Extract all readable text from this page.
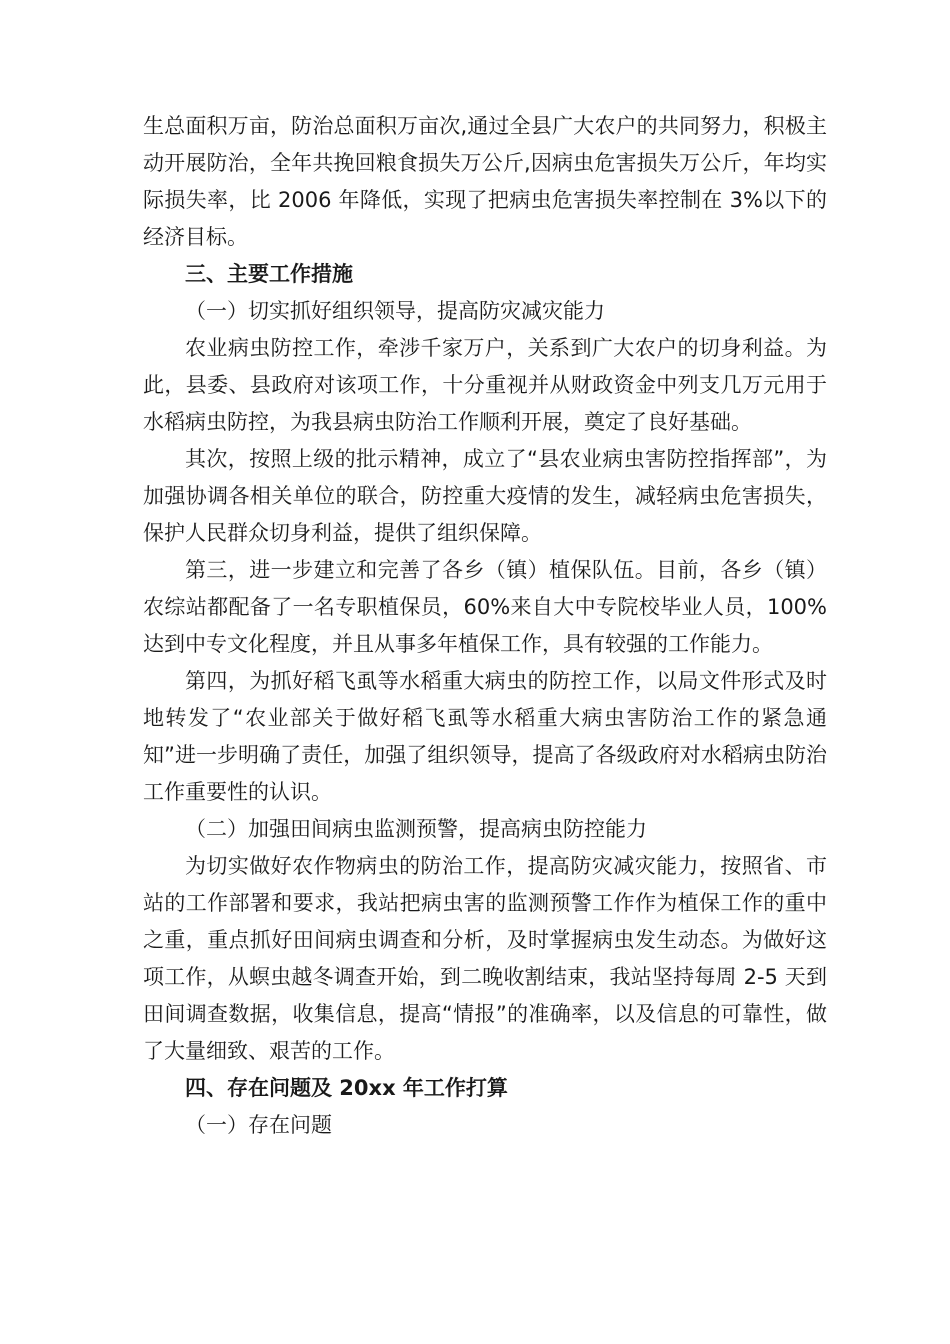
生总面积万亩，防治总面积万亩次,通过全县广大农户的共同努力，积极主动开展防治，全年共挽回粮食损失万公斤,因病虫危害损失万公斤，年均实际损失率，比 2006 年降低，实现了把病虫危害损失率控制在 3%以下的经济目标。

三、主要工作措施

（一）切实抓好组织领导，提高防灾减灾能力

农业病虫防控工作，牵涉千家万户，关系到广大农户的切身利益。为此，县委、县政府对该项工作，十分重视并从财政资金中列支几万元用于水稻病虫防控，为我县病虫防治工作顺利开展，奠定了良好基础。

其次，按照上级的批示精神，成立了“县农业病虫害防控指挥部”，为加强协调各相关单位的联合，防控重大疫情的发生，减轻病虫危害损失，保护人民群众切身利益，提供了组织保障。

第三，进一步建立和完善了各乡（镇）植保队伍。目前，各乡（镇）农综站都配备了一名专职植保员，60%来自大中专院校毕业人员，100%达到中专文化程度，并且从事多年植保工作，具有较强的工作能力。

第四，为抓好稻飞虱等水稻重大病虫的防控工作，以局文件形式及时地转发了“农业部关于做好稻飞虱等水稻重大病虫害防治工作的紧急通知”进一步明确了责任，加强了组织领导，提高了各级政府对水稻病虫防治工作重要性的认识。

（二）加强田间病虫监测预警，提高病虫防控能力

为切实做好农作物病虫的防治工作，提高防灾减灾能力，按照省、市站的工作部署和要求，我站把病虫害的监测预警工作作为植保工作的重中之重，重点抓好田间病虫调查和分析，及时掌握病虫发生动态。为做好这项工作，从螟虫越冬调查开始，到二晚收割结束，我站坚持每周 2-5 天到田间调查数据，收集信息，提高“情报”的准确率，以及信息的可靠性，做了大量细致、艰苦的工作。

四、存在问题及 20xx 年工作打算

（一）存在问题
